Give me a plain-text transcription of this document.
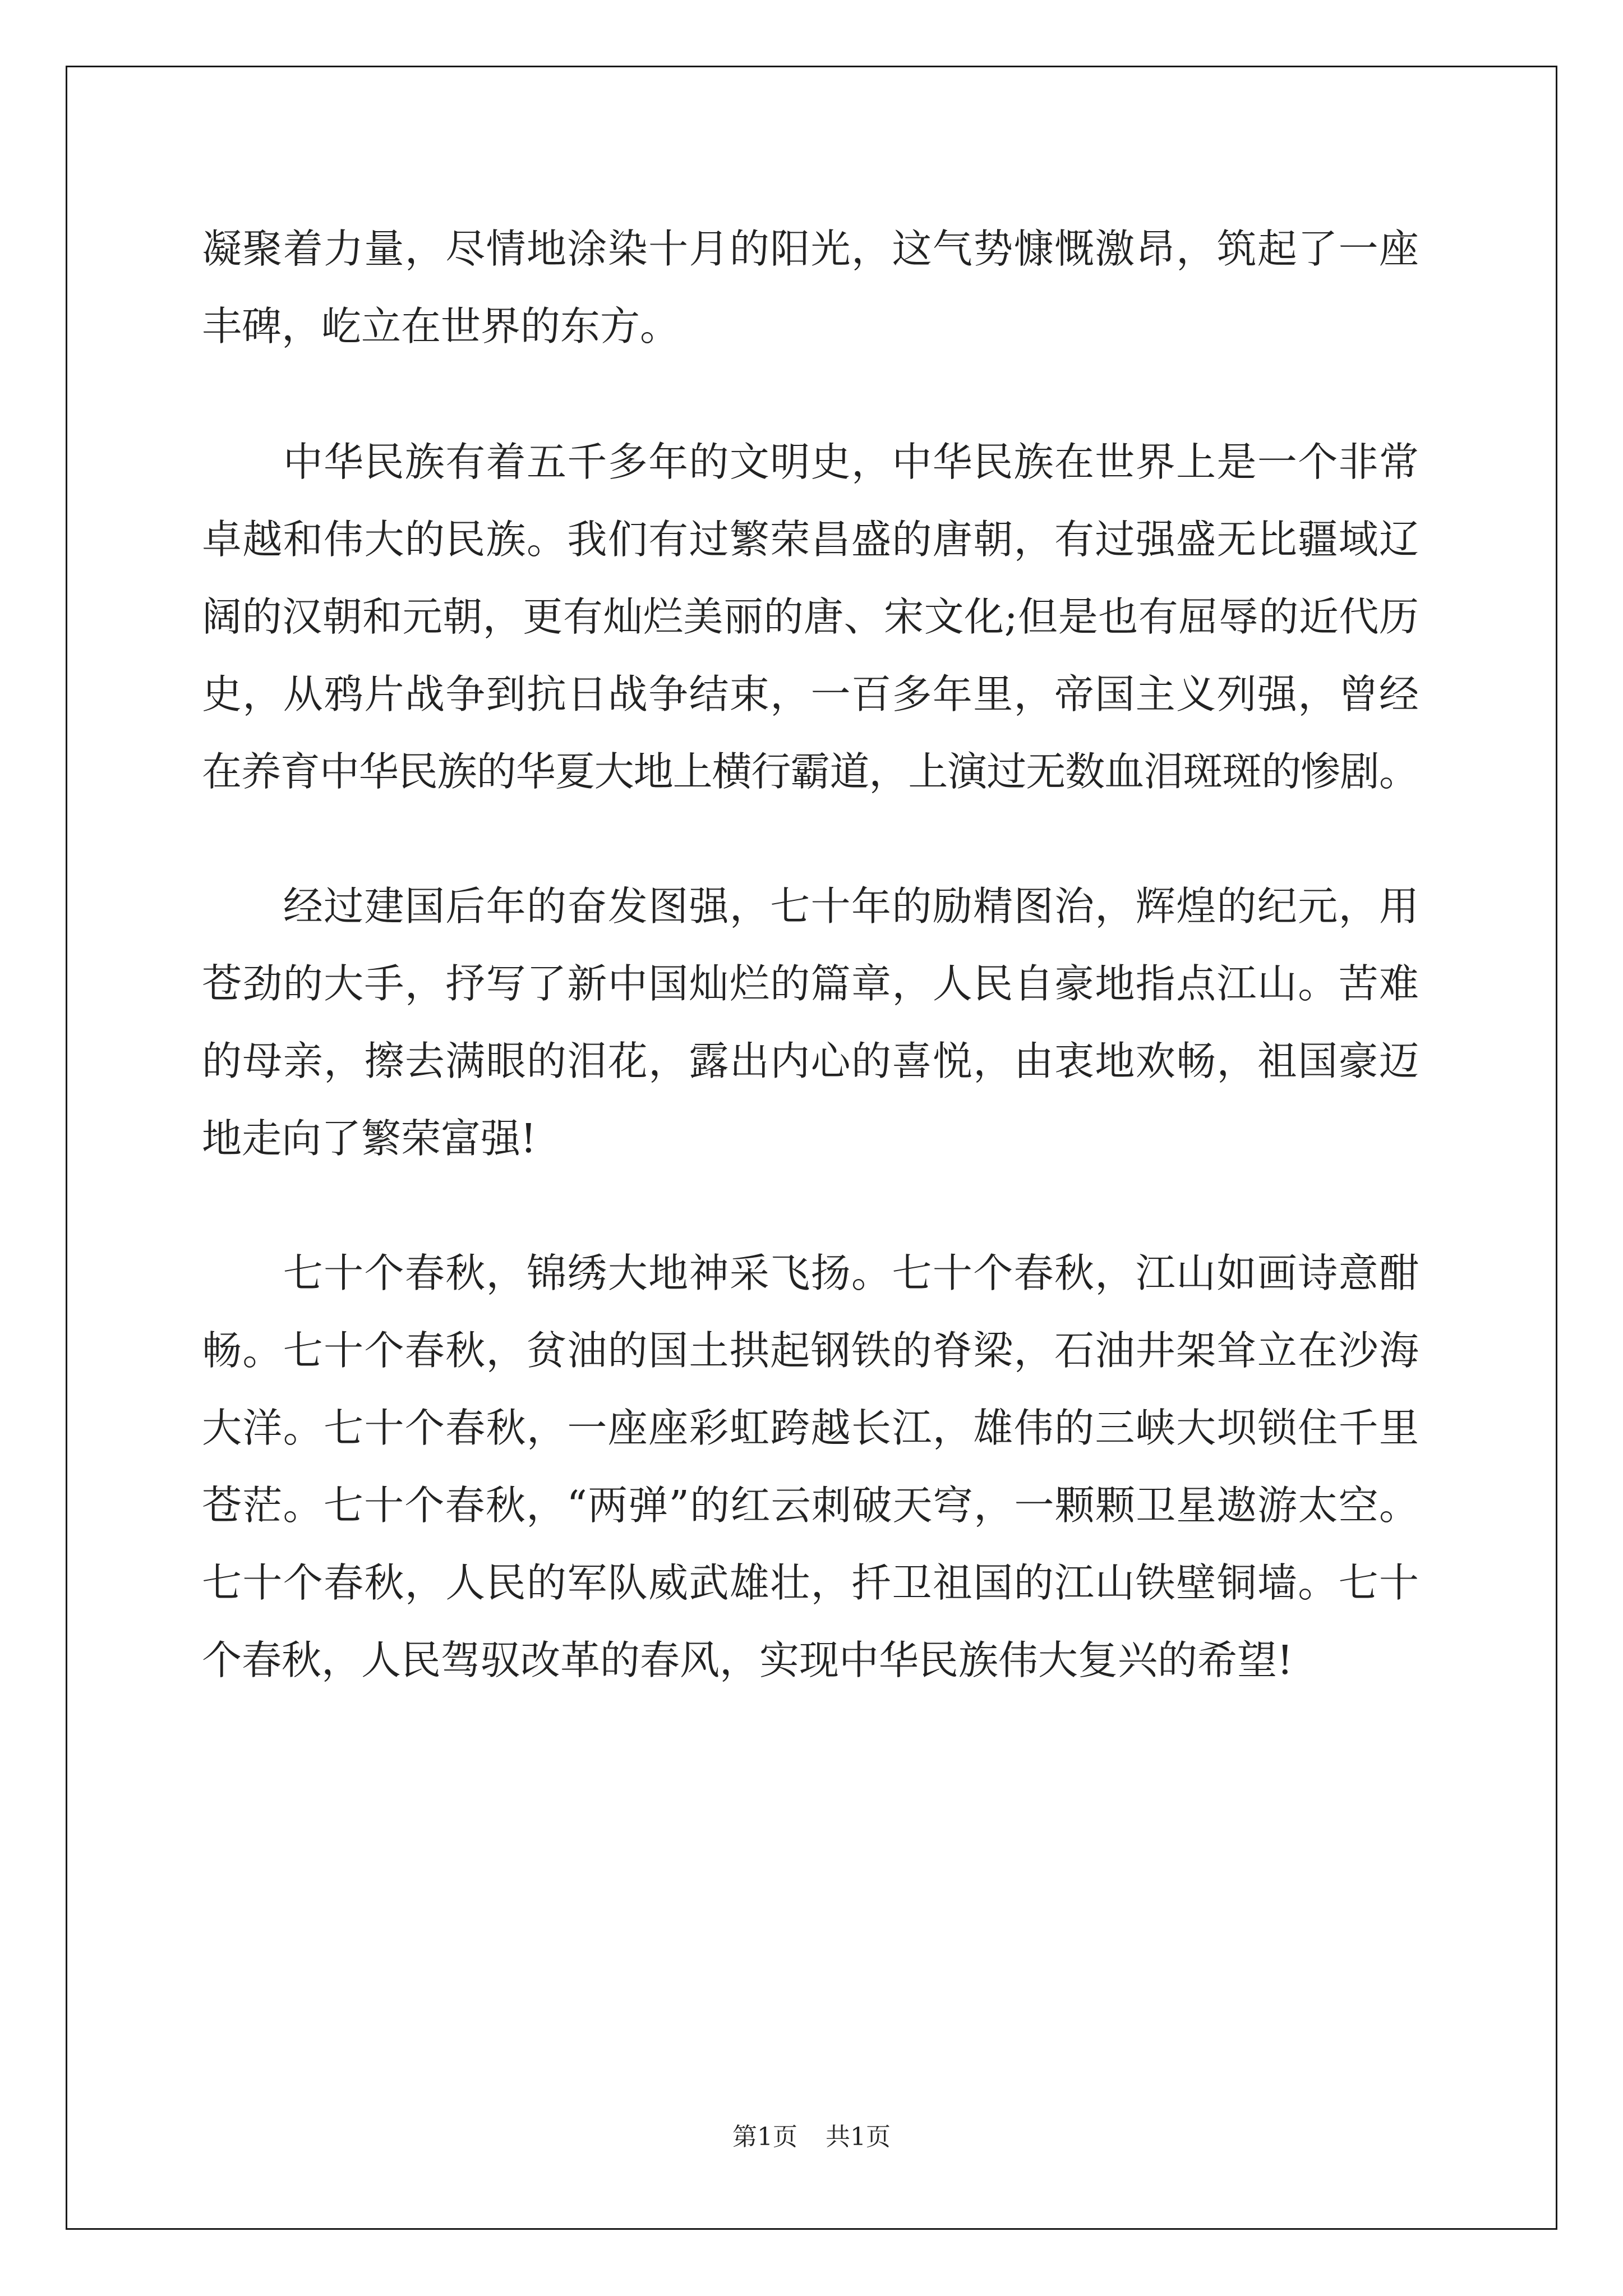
凝聚着力量，尽情地涂染十月的阳光，这气势慷慨激昂，筑起了一座
丰碑，屹立在世界的东方。
　　中华民族有着五千多年的文明史，中华民族在世界上是一个非常
卓越和伟大的民族。我们有过繁荣昌盛的唐朝，有过强盛无比疆域辽
阔的汉朝和元朝，更有灿烂美丽的唐、宋文化;但是也有屈辱的近代历
史，从鸦片战争到抗日战争结束，一百多年里，帝国主义列强，曾经
在养育中华民族的华夏大地上横行霸道，上演过无数血泪斑斑的惨剧。
　　经过建国后年的奋发图强，七十年的励精图治，辉煌的纪元，用
苍劲的大手，抒写了新中国灿烂的篇章，人民自豪地指点江山。苦难
的母亲，擦去满眼的泪花，露出内心的喜悦，由衷地欢畅，祖国豪迈
地走向了繁荣富强!
　　七十个春秋，锦绣大地神采飞扬。七十个春秋，江山如画诗意酣
畅。七十个春秋，贫油的国土拱起钢铁的脊梁，石油井架耸立在沙海
大洋。七十个春秋，一座座彩虹跨越长江，雄伟的三峡大坝锁住千里
苍茫。七十个春秋，“两弹”的红云刺破天穹，一颗颗卫星遨游太空。
七十个春秋，人民的军队威武雄壮，扦卫祖国的江山铁壁铜墙。七十
个春秋，人民驾驭改革的春风，实现中华民族伟大复兴的希望!
第1页 共1页
